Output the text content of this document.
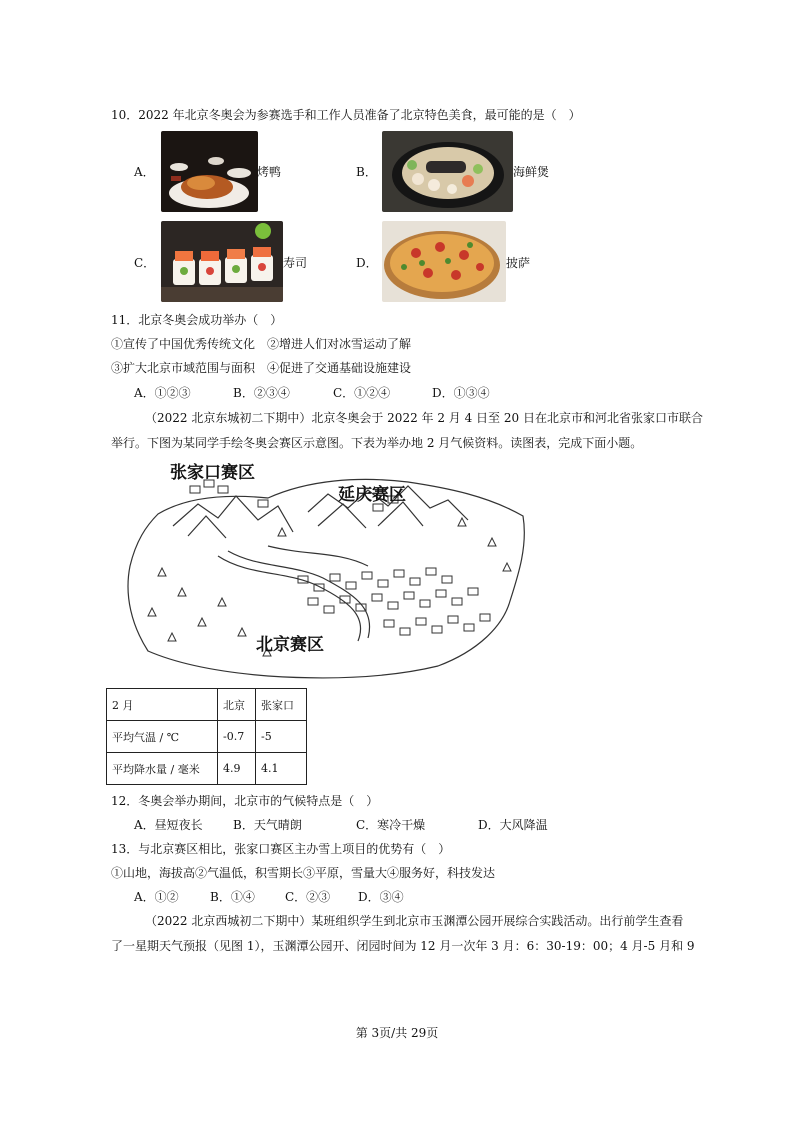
10．2022 年北京冬奥会为参赛选手和工作人员准备了北京特色美食，最可能的是（　）
A．	烤鸭	B．	海鲜煲
C．	寿司	D．	披萨
11．北京冬奥会成功举办（　）
①宣传了中国优秀传统文化　②增进人们对冰雪运动了解
③扩大北京市域范围与面积　④促进了交通基础设施建设
A．①②③	B．②③④	C．①②④	D．①③④
（2022 北京东城初二下期中）北京冬奥会于 2022 年 2 月 4 日至 20 日在北京市和河北省张家口市联合
举行。下图为某同学手绘冬奥会赛区示意图。下表为举办地 2 月气候资料。读图表，完成下面小题。
张家口赛区
延庆赛区
北京赛区
2 月	北京	张家口
平均气温 / ℃	-0.7	-5
平均降水量 / 毫米	4.9	4.1
12．冬奥会举办期间，北京市的气候特点是（　）
A．昼短夜长	B．天气晴朗	C．寒冷干燥	D．大风降温
13．与北京赛区相比，张家口赛区主办雪上项目的优势有（　）
①山地，海拔高②气温低，积雪期长③平原，雪量大④服务好，科技发达
A．①②	B．①④	C．②③ D．③④
（2022 北京西城初二下期中）某班组织学生到北京市玉渊潭公园开展综合实践活动。出行前学生查看
了一星期天气预报（见图 1），玉渊潭公园开、闭园时间为 12 月一次年 3 月：6：30-19：00；4 月-5 月和 9
第 3页/共 29页
